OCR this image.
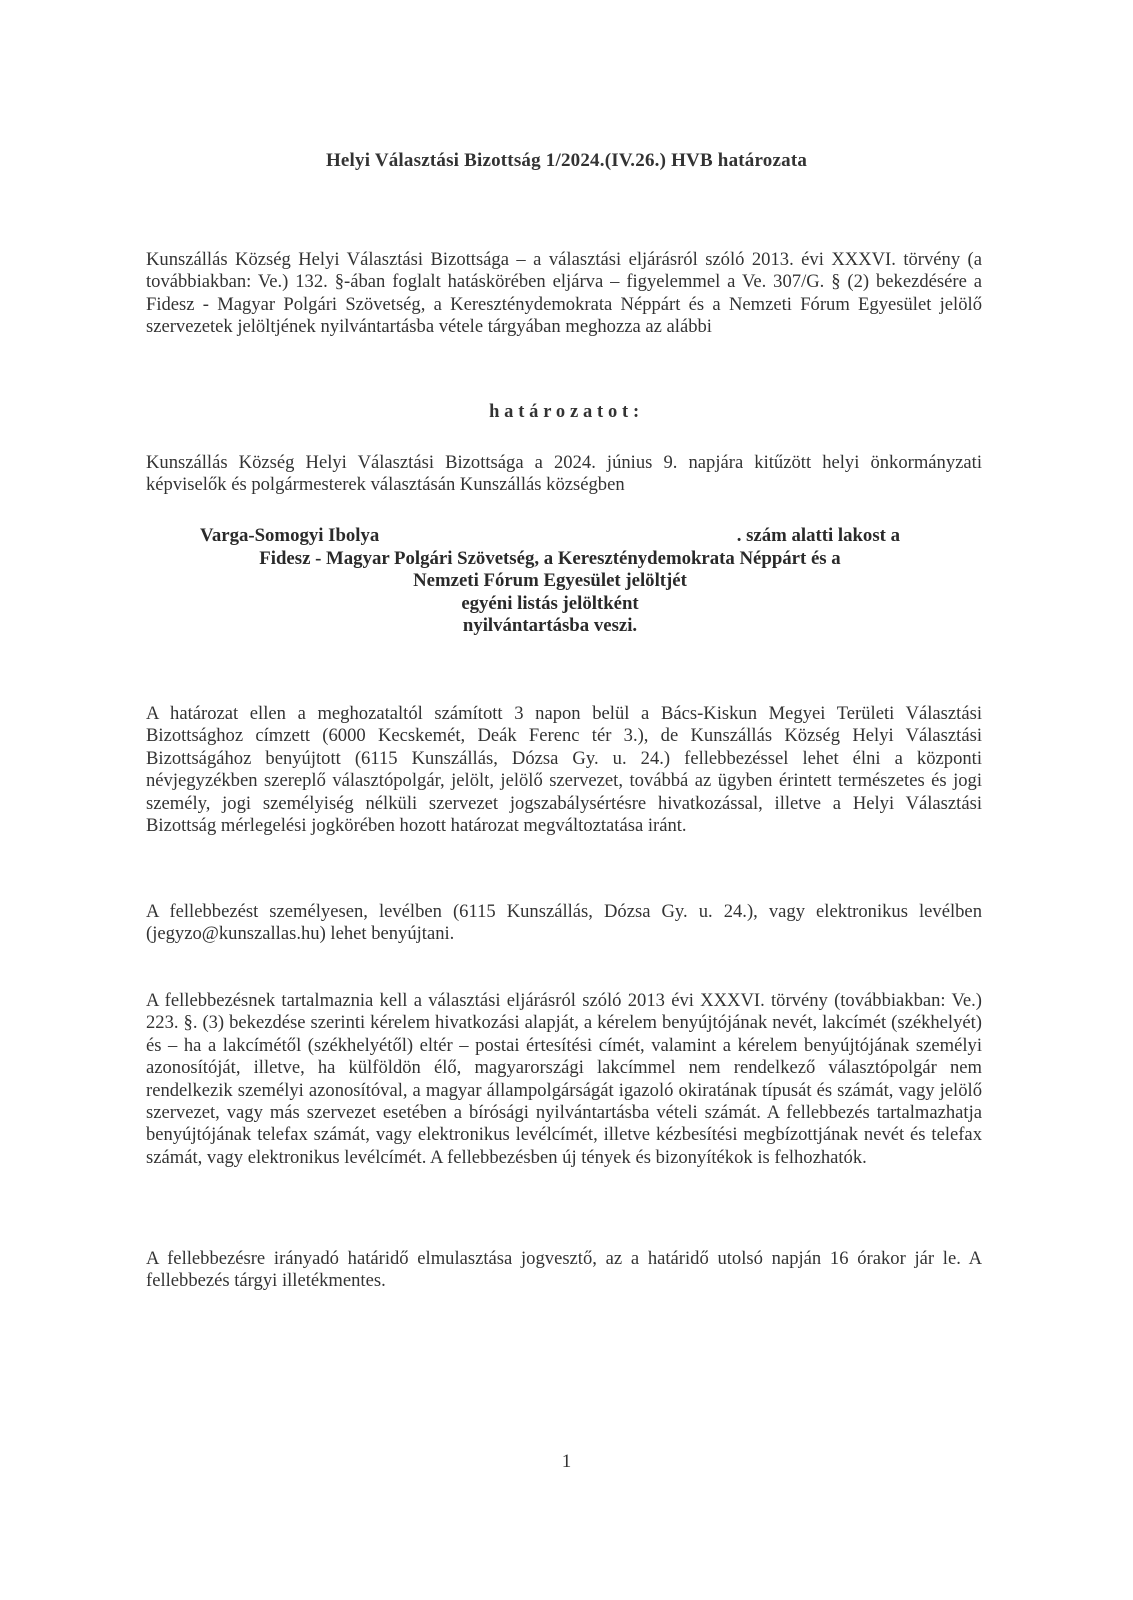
Helyi Választási Bizottság 1/2024.(IV.26.) HVB határozata

Kunszállás Község Helyi Választási Bizottsága – a választási eljárásról szóló 2013. évi XXXVI. törvény (a továbbiakban: Ve.) 132. §-ában foglalt hatáskörében eljárva – figyelemmel a Ve. 307/G. § (2) bekezdésére a Fidesz - Magyar Polgári Szövetség, a Kereszténydemokrata Néppárt és a Nemzeti Fórum Egyesület jelölő szervezetek jelöltjének nyilvántartásba vétele tárgyában meghozza az alábbi

határozatot:

Kunszállás Község Helyi Választási Bizottsága a 2024. június 9. napjára kitűzött helyi önkormányzati képviselők és polgármesterek választásán Kunszállás községben

Varga-Somogyi Ibolya	. szám alatti lakost a
Fidesz - Magyar Polgári Szövetség, a Kereszténydemokrata Néppárt és a
Nemzeti Fórum Egyesület jelöltjét
egyéni listás jelöltként
nyilvántartásba veszi.

A határozat ellen a meghozataltól számított 3 napon belül a Bács-Kiskun Megyei Területi Választási Bizottsághoz címzett (6000 Kecskemét, Deák Ferenc tér 3.), de Kunszállás Község Helyi Választási Bizottságához benyújtott (6115 Kunszállás, Dózsa Gy. u. 24.) fellebbezéssel lehet élni a központi névjegyzékben szereplő választópolgár, jelölt, jelölő szervezet, továbbá az ügyben érintett természetes és jogi személy, jogi személyiség nélküli szervezet jogszabálysértésre hivatkozással, illetve a Helyi Választási Bizottság mérlegelési jogkörében hozott határozat megváltoztatása iránt.

A fellebbezést személyesen, levélben (6115 Kunszállás, Dózsa Gy. u. 24.), vagy elektronikus levélben (jegyzo@kunszallas.hu) lehet benyújtani.

A fellebbezésnek tartalmaznia kell a választási eljárásról szóló 2013 évi XXXVI. törvény (továbbiakban: Ve.) 223. §. (3) bekezdése szerinti kérelem hivatkozási alapját, a kérelem benyújtójának nevét, lakcímét (székhelyét) és – ha a lakcímétől (székhelyétől) eltér – postai értesítési címét, valamint a kérelem benyújtójának személyi azonosítóját, illetve, ha külföldön élő, magyarországi lakcímmel nem rendelkező választópolgár nem rendelkezik személyi azonosítóval, a magyar állampolgárságát igazoló okiratának típusát és számát, vagy jelölő szervezet, vagy más szervezet esetében a bírósági nyilvántartásba vételi számát. A fellebbezés tartalmazhatja benyújtójának telefax számát, vagy elektronikus levélcímét, illetve kézbesítési megbízottjának nevét és telefax számát, vagy elektronikus levélcímét. A fellebbezésben új tények és bizonyítékok is felhozhatók.

A fellebbezésre irányadó határidő elmulasztása jogvesztő, az a határidő utolsó napján 16 órakor jár le. A fellebbezés tárgyi illetékmentes.

1
